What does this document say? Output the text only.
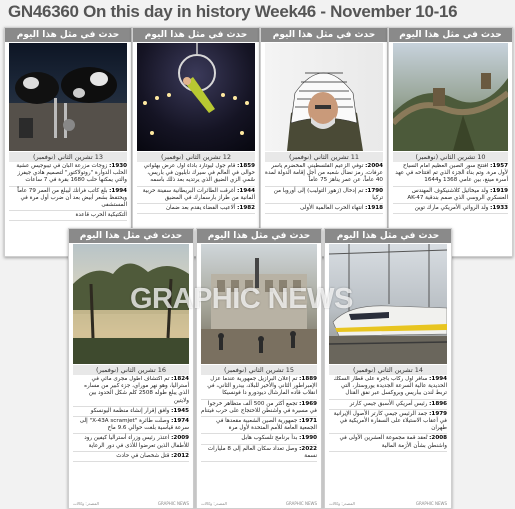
GN46360 On this day in history Week46 - November 10-16
حدث في مثل هذا اليوم
13 تشرين الثاني (نوفمبر)

1930: زوجات مزرعة ألبان في تيبوجيس عشية الحلب الدوارة "روتولاكتور" لتصميم هادي جيفرز والتي يمكنها حلب 1680 بقرة في 7 ساعات

1994: بلغ كاتب فرانك ليبلغ من العمر 79 عاماً ويحتفظ بشعر أبيض بعد أن ضرب أول مرة في المستشفى

التكتيكية الحرب قاعدة

حدث في مثل هذا اليوم
12 تشرين الثاني (نوفمبر)

1859: قام جول ليوتارد بأداء أول عرض بهلواني حوالى في العالم في سيرك نابليون في باريس، سُمي الزي الضيق الذي يرتديه بعد ذلك باسمه

1944: أغرقت الطائرات البريطانية سفينة حربية ألمانية من طراز بارسمارك في المضيق

1982: ألاعيب الفضاء يقدم بعد ضمان

حدث في مثل هذا اليوم
11 تشرين الثاني (نوفمبر)

2004: توفي الزعيم الفلسطيني المخضرم ياسر عرفات، رمز نضال شعبه من أجل إقامة الدولة لمدة 40 عاماً، عن عمر يناهز 75 عاماً

1790: تم إدخال (زهور التوليب) إلى أوروبا من تركيا

1918: انتهاء الحرب العالمية الأولى

حدث في مثل هذا اليوم
10 تشرين الثاني (نوفمبر)

1957: افتتح سور الصين العظيم أمام السياح لأول مرة. وتم بناء الجزء الذي تم افتتاحه في عهد أسرة مينغ، بين عامي 1368 و1644

1919: ولد ميخائيل كلاشنيكوف المهندس العسكري الروسي الذي صمم بندقية AK-47

1933: ولد الروائي الأمريكي مارك توين

حدث في مثل هذا اليوم
16 تشرين الثاني (نوفمبر)

1824: تم اكتشاف أطول مجرى مائي في أستراليا، وهو نهر موراي، جزء كبير من مساره الذي يبلغ طوله 2508 كلم شكل الحدود بين ولايتين

1945: وافق إقرار إنشاء منظمة اليونسكو

1974: وصلت طائرة "X-43A scramjet" إلى سرعة قياسية بلغت حوالي 9.6 ماخ

2009: اعتذر رئيس وزراء أستراليا كيفين رود للأطفال الذين تعرضوا للأذى في دور الرعاية

2012: قتل شخصان في حادث

المصدر: وكالات	GRAPHIC NEWS
حدث في مثل هذا اليوم
15 تشرين الثاني (نوفمبر)

1889: تم إعلان البرازيل جمهورية عندما عزل الإمبراطور الثاني والأخير للبلاد، بيدرو الثاني، في انقلاب قاده المارشال ديودورو دا فونسيكا

1969: تجمع أكثر من 500 ألف متظاهر خرجوا في مسيرة في واشنطن للاحتجاج على حرب فيتنام

1971: جمهورية الصين الشعبية مقعدها في الجمعية العامة للأمم المتحدة لأول مرة

1990: بدأ برنامج تلسكوب هابل

2022: وصل تعداد سكان العالم إلى 8 مليارات نسمة

المصدر: وكالات	GRAPHIC NEWS
حدث في مثل هذا اليوم
14 تشرين الثاني (نوفمبر)

1994: سافر أول ركاب بأجرة على قطار السكك الحديدية عالية السرعة الجديدة يوروستار، التي تربط لندن بباريس وبروكسل عبر نفق القنال

1896: رئيس أمريكي الأسبق جيمي كارتر

1979: جمد الرئيس جيمي كارتر الأصول الإيرانية في أعقاب الاستيلاء على السفارة الأمريكية في طهران

2008: تُعقد قمة مجموعة العشرين الأولى في واشنطن بشأن الأزمة المالية

المصدر: وكالات	GRAPHIC NEWS
GRAPHIC NEWS
